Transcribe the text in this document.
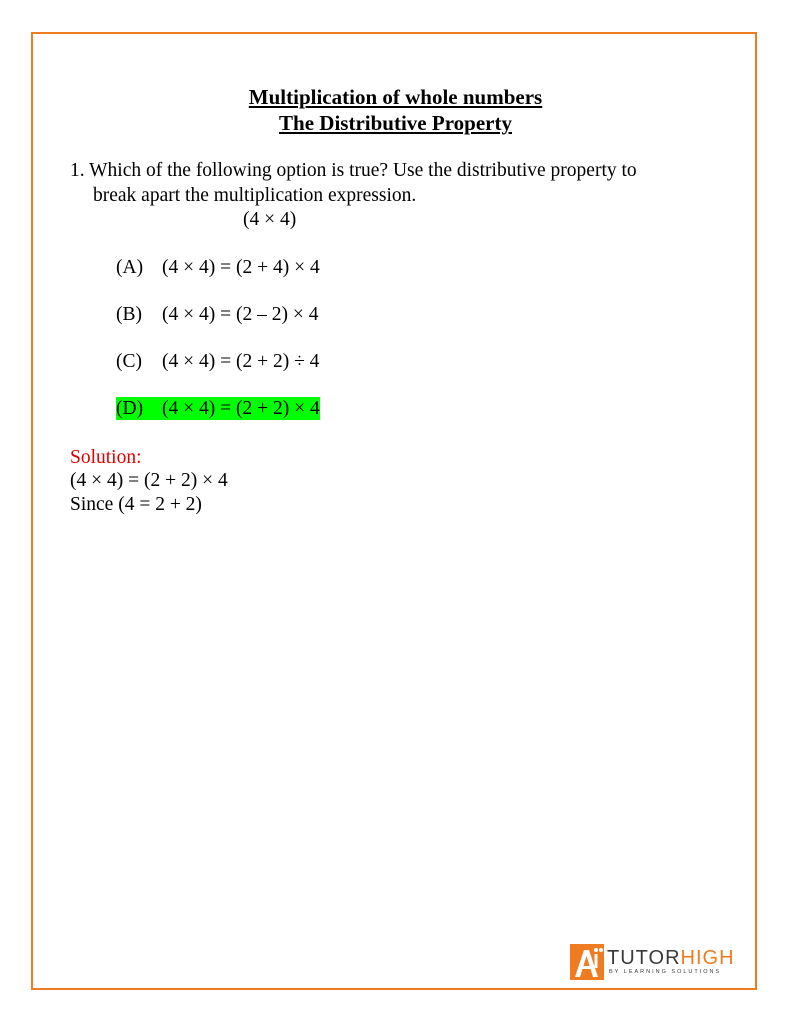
Multiplication of whole numbers
The Distributive Property
1. Which of the following option is true? Use the distributive property to
break apart the multiplication expression.
(4 × 4)
(A) (4 × 4) = (2 + 4) × 4
(B) (4 × 4) = (2 – 2) × 4
(C) (4 × 4) = (2 + 2) ÷ 4
(D) (4 × 4) = (2 + 2) × 4
Solution:
(4 × 4) = (2 + 2) × 4
Since (4 = 2 + 2)
TUTORHIGH
BY LEARNING SOLUTIONS
